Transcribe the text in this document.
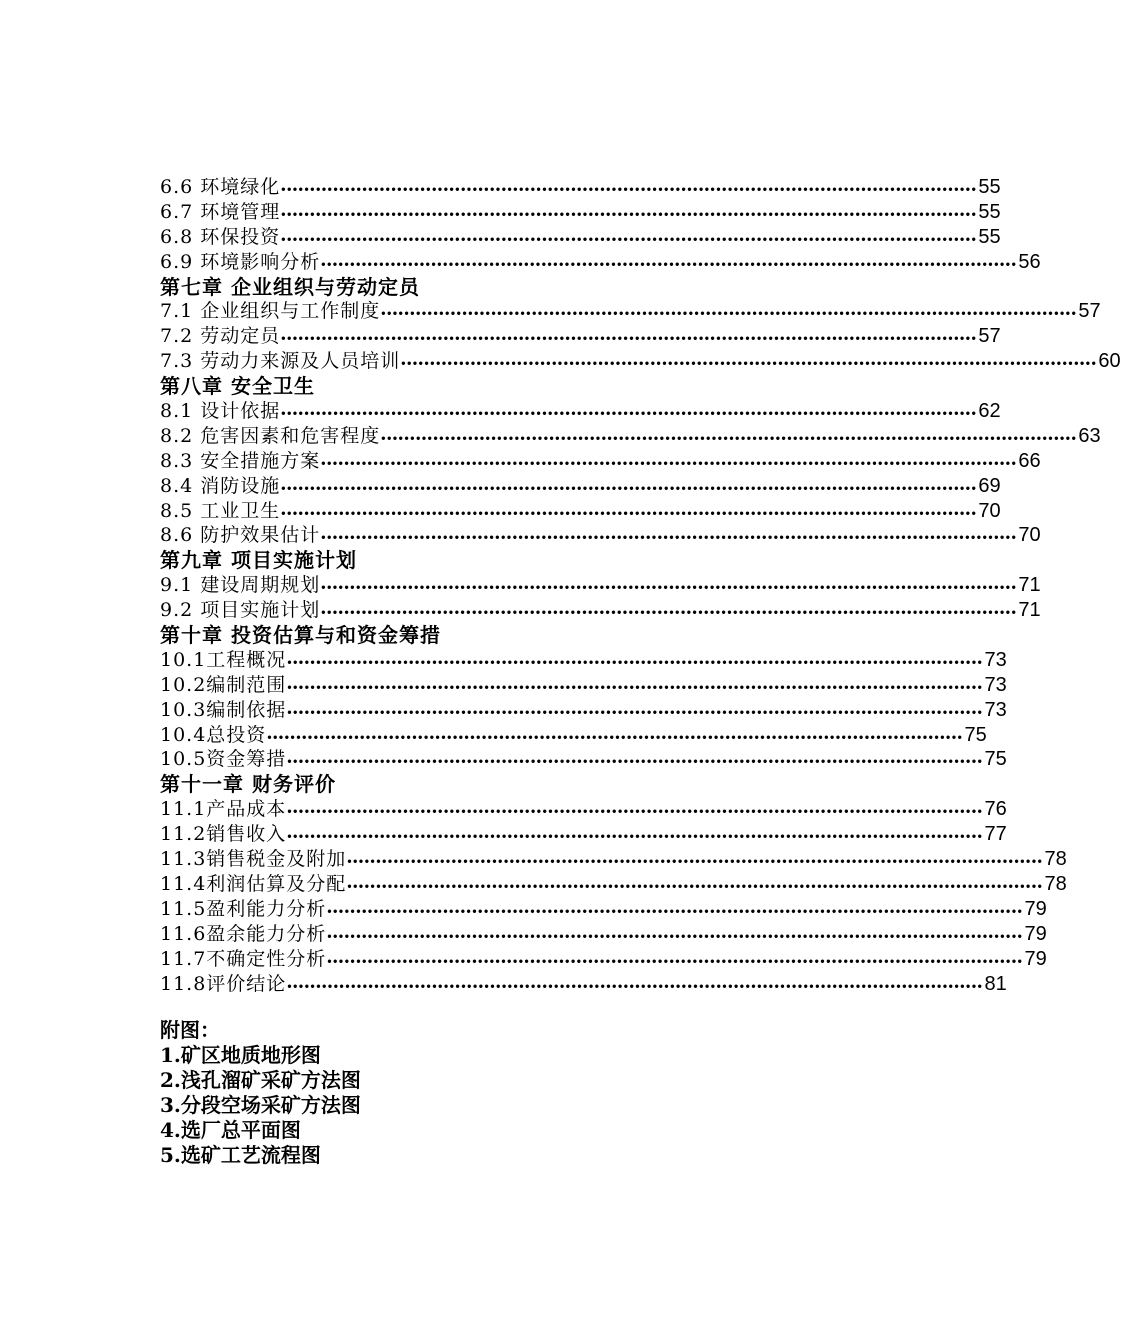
6.6 环境绿化 •••••••••••••••••••••••••••••••••••••••••••••••••••••••••••••••••••••••••••••••••••••••••••••••••••••••••••••••••••••••• 55
6.7 环境管理 •••••••••••••••••••••••••••••••••••••••••••••••••••••••••••••••••••••••••••••••••••••••••••••••••••••••••••••••••••••••• 55
6.8 环保投资 •••••••••••••••••••••••••••••••••••••••••••••••••••••••••••••••••••••••••••••••••••••••••••••••••••••••••••••••••••••••• 55
6.9 环境影响分析 •••••••••••••••••••••••••••••••••••••••••••••••••••••••••••••••••••••••••••••••••••••••••••••••••••••••••••••••••••••••• 56
第七章 企业组织与劳动定员
7.1 企业组织与工作制度 •••••••••••••••••••••••••••••••••••••••••••••••••••••••••••••••••••••••••••••••••••••••••••••••••••••••••••••••••••••••• 57
7.2 劳动定员 •••••••••••••••••••••••••••••••••••••••••••••••••••••••••••••••••••••••••••••••••••••••••••••••••••••••••••••••••••••••• 57
7.3 劳动力来源及人员培训 •••••••••••••••••••••••••••••••••••••••••••••••••••••••••••••••••••••••••••••••••••••••••••••••••••••••••••••••••••••••• 60
第八章 安全卫生
8.1 设计依据 •••••••••••••••••••••••••••••••••••••••••••••••••••••••••••••••••••••••••••••••••••••••••••••••••••••••••••••••••••••••• 62
8.2 危害因素和危害程度 •••••••••••••••••••••••••••••••••••••••••••••••••••••••••••••••••••••••••••••••••••••••••••••••••••••••••••••••••••••••• 63
8.3 安全措施方案 •••••••••••••••••••••••••••••••••••••••••••••••••••••••••••••••••••••••••••••••••••••••••••••••••••••••••••••••••••••••• 66
8.4 消防设施 •••••••••••••••••••••••••••••••••••••••••••••••••••••••••••••••••••••••••••••••••••••••••••••••••••••••••••••••••••••••• 69
8.5 工业卫生 •••••••••••••••••••••••••••••••••••••••••••••••••••••••••••••••••••••••••••••••••••••••••••••••••••••••••••••••••••••••• 70
8.6 防护效果估计 •••••••••••••••••••••••••••••••••••••••••••••••••••••••••••••••••••••••••••••••••••••••••••••••••••••••••••••••••••••••• 70
第九章 项目实施计划
9.1 建设周期规划 •••••••••••••••••••••••••••••••••••••••••••••••••••••••••••••••••••••••••••••••••••••••••••••••••••••••••••••••••••••••• 71
9.2 项目实施计划 •••••••••••••••••••••••••••••••••••••••••••••••••••••••••••••••••••••••••••••••••••••••••••••••••••••••••••••••••••••••• 71
第十章 投资估算与和资金筹措
10.1工程概况 •••••••••••••••••••••••••••••••••••••••••••••••••••••••••••••••••••••••••••••••••••••••••••••••••••••••••••••••••••••••• 73
10.2编制范围 •••••••••••••••••••••••••••••••••••••••••••••••••••••••••••••••••••••••••••••••••••••••••••••••••••••••••••••••••••••••• 73
10.3编制依据 •••••••••••••••••••••••••••••••••••••••••••••••••••••••••••••••••••••••••••••••••••••••••••••••••••••••••••••••••••••••• 73
10.4总投资 •••••••••••••••••••••••••••••••••••••••••••••••••••••••••••••••••••••••••••••••••••••••••••••••••••••••••••••••••••••••• 75
10.5资金筹措 •••••••••••••••••••••••••••••••••••••••••••••••••••••••••••••••••••••••••••••••••••••••••••••••••••••••••••••••••••••••• 75
第十一章 财务评价
11.1产品成本 •••••••••••••••••••••••••••••••••••••••••••••••••••••••••••••••••••••••••••••••••••••••••••••••••••••••••••••••••••••••• 76
11.2销售收入 •••••••••••••••••••••••••••••••••••••••••••••••••••••••••••••••••••••••••••••••••••••••••••••••••••••••••••••••••••••••• 77
11.3销售税金及附加 •••••••••••••••••••••••••••••••••••••••••••••••••••••••••••••••••••••••••••••••••••••••••••••••••••••••••••••••••••••••• 78
11.4利润估算及分配 •••••••••••••••••••••••••••••••••••••••••••••••••••••••••••••••••••••••••••••••••••••••••••••••••••••••••••••••••••••••• 78
11.5盈利能力分析 •••••••••••••••••••••••••••••••••••••••••••••••••••••••••••••••••••••••••••••••••••••••••••••••••••••••••••••••••••••••• 79
11.6盈余能力分析 •••••••••••••••••••••••••••••••••••••••••••••••••••••••••••••••••••••••••••••••••••••••••••••••••••••••••••••••••••••••• 79
11.7不确定性分析 •••••••••••••••••••••••••••••••••••••••••••••••••••••••••••••••••••••••••••••••••••••••••••••••••••••••••••••••••••••••• 79
11.8评价结论 •••••••••••••••••••••••••••••••••••••••••••••••••••••••••••••••••••••••••••••••••••••••••••••••••••••••••••••••••••••••• 81
附图：
1.矿区地质地形图
2.浅孔溜矿采矿方法图
3.分段空场采矿方法图
4.选厂总平面图
5.选矿工艺流程图
